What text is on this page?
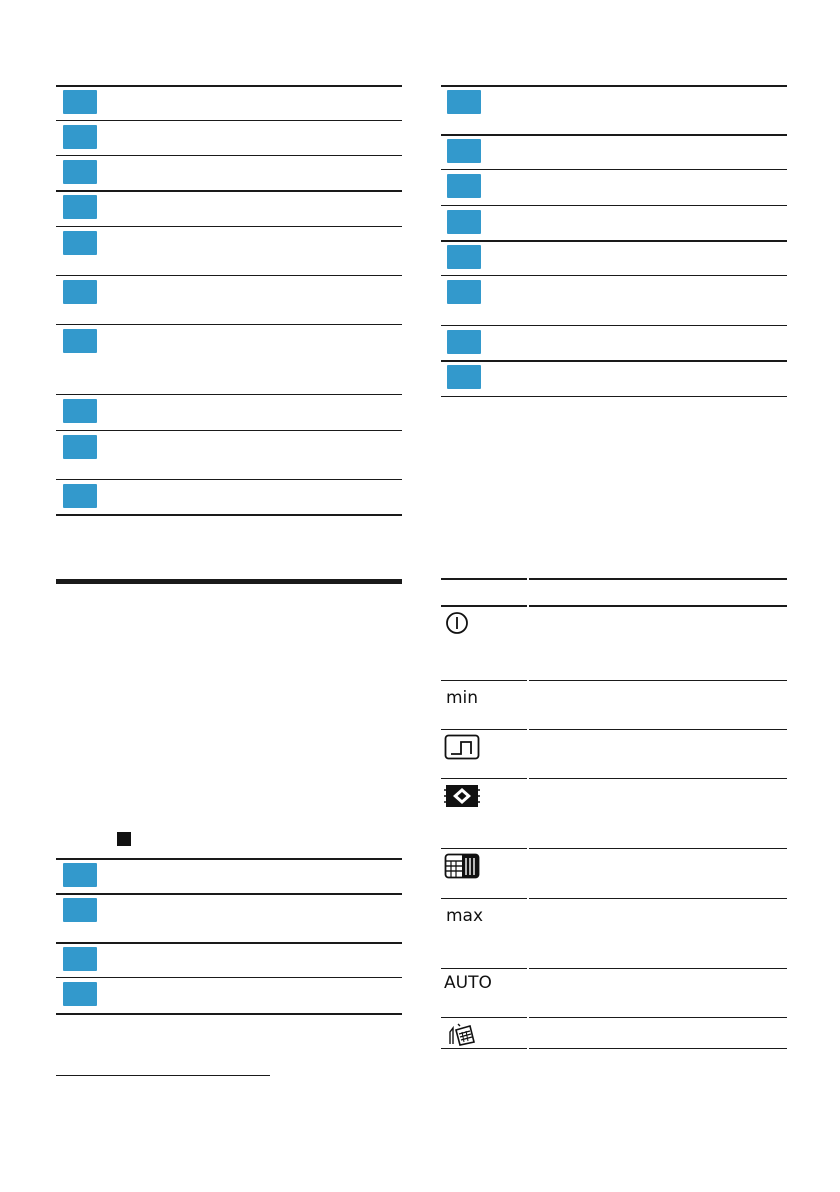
min
max
AUTO
